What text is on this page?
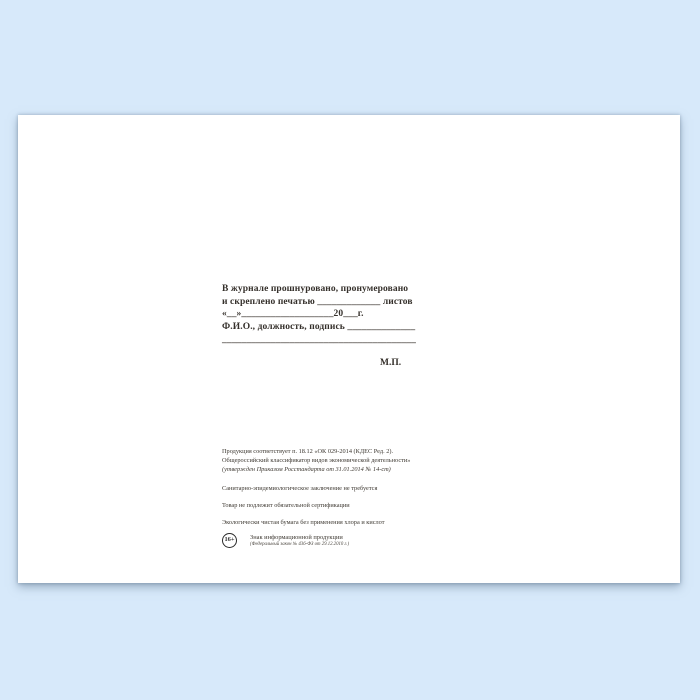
В журнале прошнуровано, пронумеровано
и скреплено печатью _____________ листов
«__»___________________20___г.
Ф.И.О., должность, подпись ______________
________________________________________
М.П.
Продукция соответствует п. 18.12 «ОК 029-2014 (КДЕС Ред. 2).
Общероссийский классификатор видов экономической деятельности»
(утвержден Приказом Росстандарта от 31.01.2014 № 14-ст)
Санитарно-эпидемиологическое заключение не требуется
Товар не подлежит обязательной сертификации
Экологически чистая бумага без применения хлора и кислот
16+	Знак информационной продукции
(Федеральный закон № 436-ФЗ от 29.12.2010 г.)
